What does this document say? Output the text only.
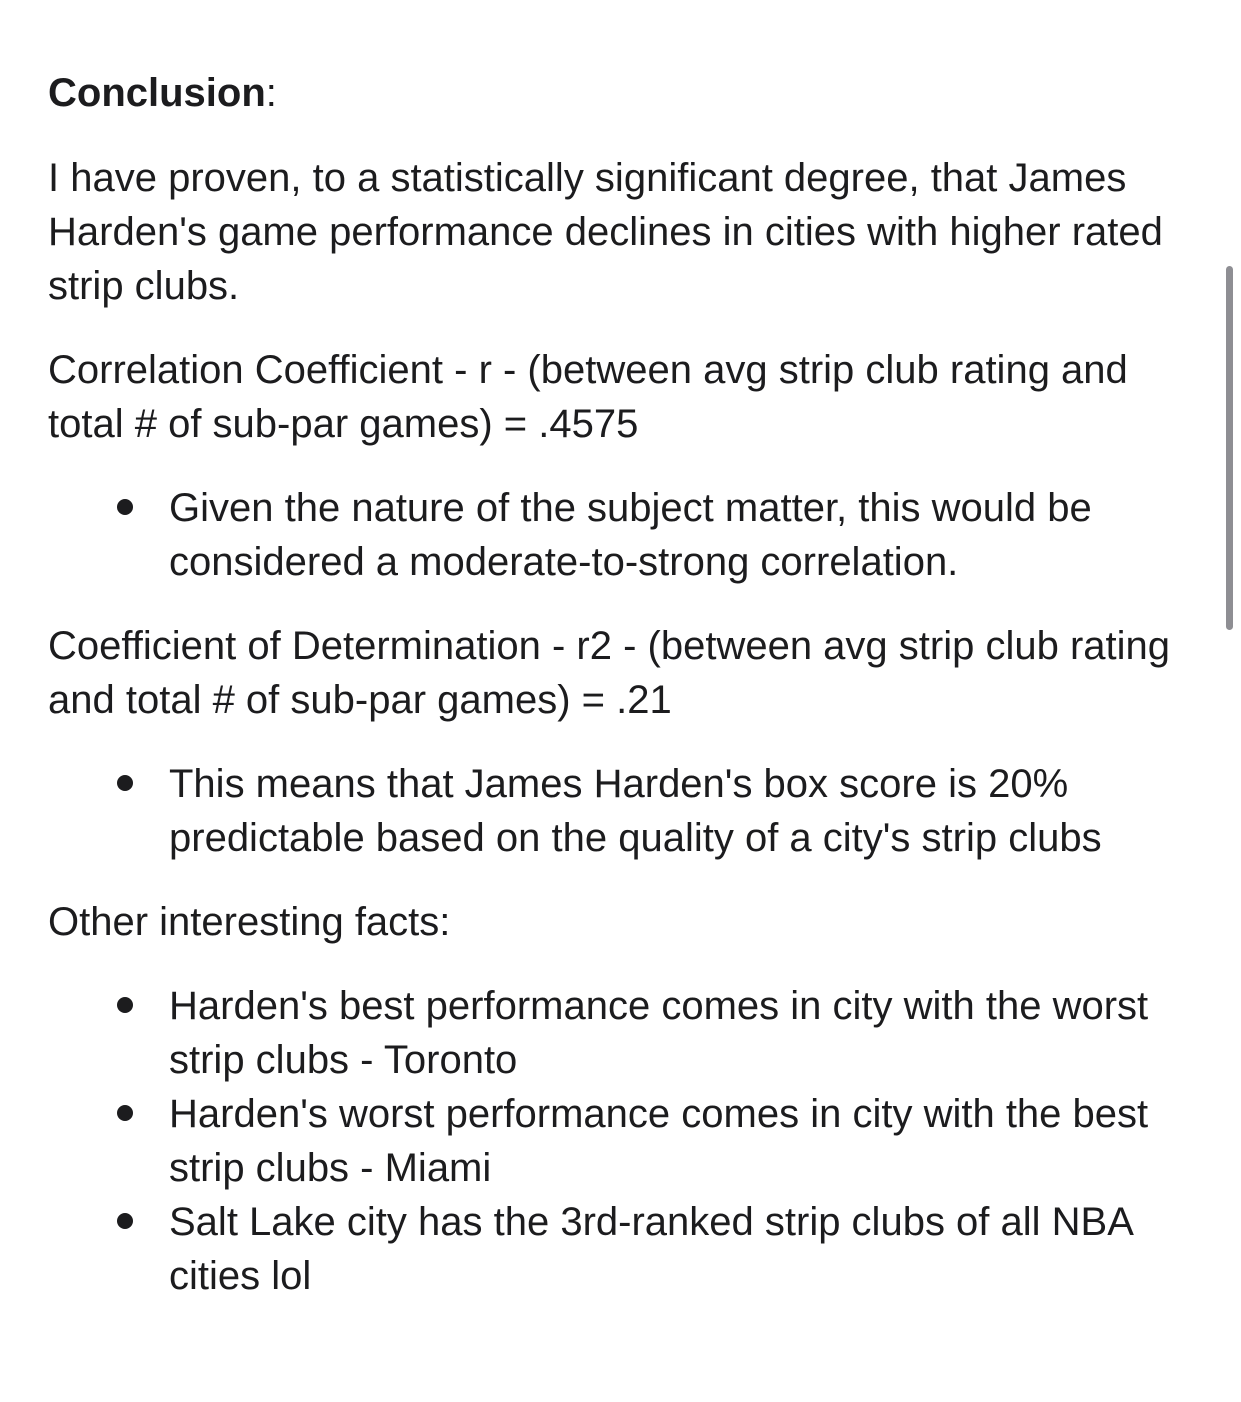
Conclusion:

I have proven, to a statistically significant degree, that James Harden's game performance declines in cities with higher rated strip clubs.

Correlation Coefficient - r - (between avg strip club rating and total # of sub-par games) = .4575

Given the nature of the subject matter, this would be considered a moderate-to-strong correlation.

Coefficient of Determination - r2 - (between avg strip club rating and total # of sub-par games) = .21

This means that James Harden's box score is 20% predictable based on the quality of a city's strip clubs

Other interesting facts:

Harden's best performance comes in city with the worst strip clubs - Toronto
Harden's worst performance comes in city with the best strip clubs - Miami
Salt Lake city has the 3rd-ranked strip clubs of all NBA cities lol
